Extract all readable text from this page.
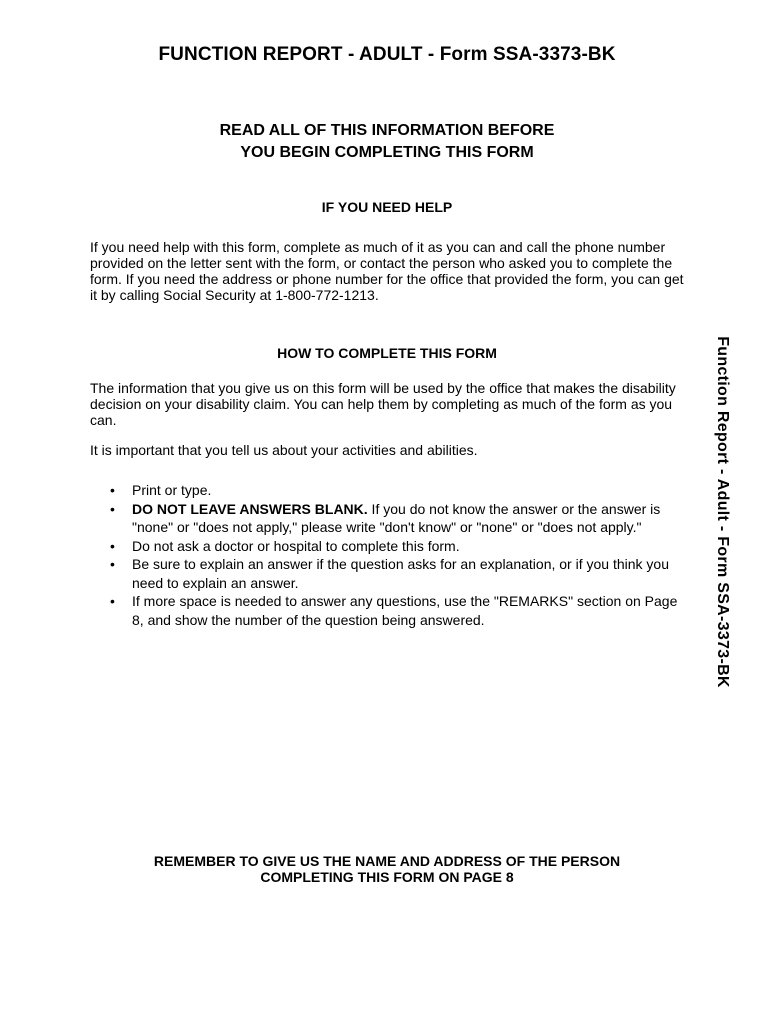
FUNCTION REPORT - ADULT - Form SSA-3373-BK
READ ALL OF THIS INFORMATION BEFORE
YOU BEGIN COMPLETING THIS FORM
IF YOU NEED HELP

If you need help with this form, complete as much of it as you can and call the phone number provided on the letter sent with the form, or contact the person who asked you to complete the form. If you need the address or phone number for the office that provided the form, you can get it by calling Social Security at 1-800-772-1213.

HOW TO COMPLETE THIS FORM

The information that you give us on this form will be used by the office that makes the disability decision on your disability claim. You can help them by completing as much of the form as you can.

It is important that you tell us about your activities and abilities.

• Print or type.
• DO NOT LEAVE ANSWERS BLANK. If you do not know the answer or the answer is "none" or "does not apply," please write "don't know" or "none" or "does not apply."
• Do not ask a doctor or hospital to complete this form.
• Be sure to explain an answer if the question asks for an explanation, or if you think you need to explain an answer.
• If more space is needed to answer any questions, use the "REMARKS" section on Page 8, and show the number of the question being answered.
REMEMBER TO GIVE US THE NAME AND ADDRESS OF THE PERSON
COMPLETING THIS FORM ON PAGE 8
Function Report - Adult - Form SSA-3373-BK
